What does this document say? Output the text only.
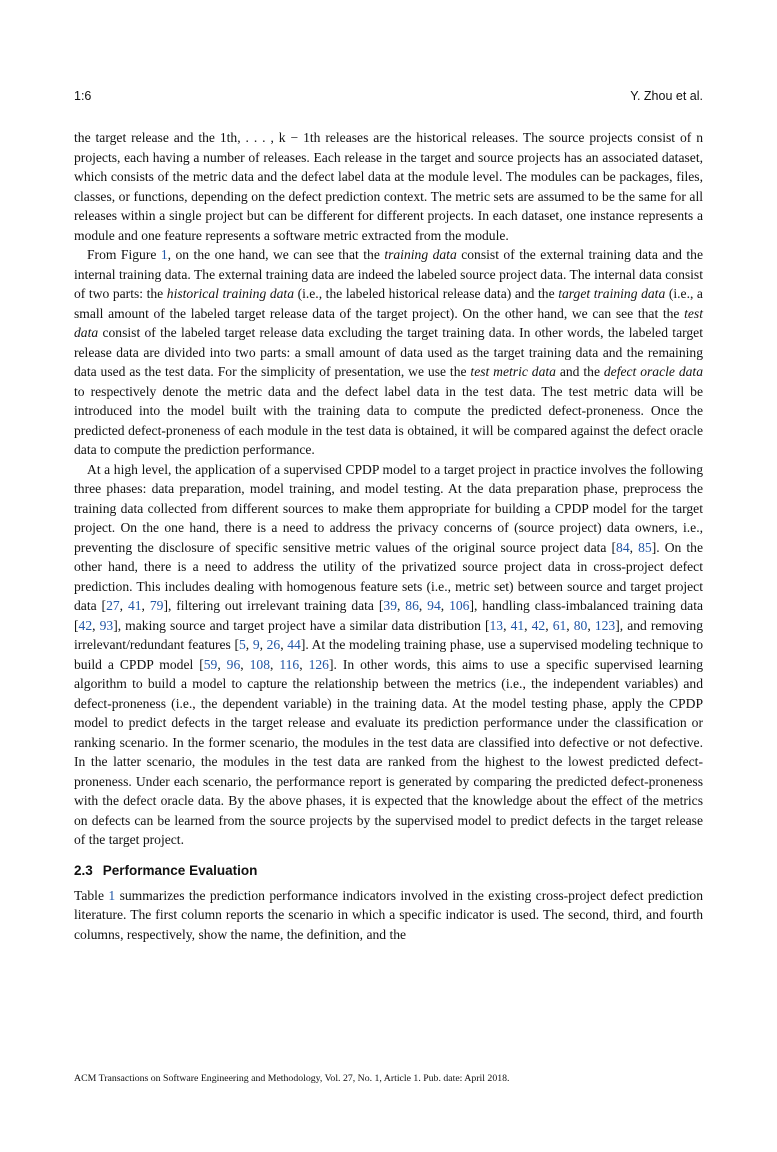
1:6	Y. Zhou et al.

the target release and the 1th, . . . , k − 1th releases are the historical releases. The source projects consist of n projects, each having a number of releases. Each release in the target and source projects has an associated dataset, which consists of the metric data and the defect label data at the module level. The modules can be packages, files, classes, or functions, depending on the defect prediction context. The metric sets are assumed to be the same for all releases within a single project but can be different for different projects. In each dataset, one instance represents a module and one feature represents a software metric extracted from the module.

From Figure 1, on the one hand, we can see that the training data consist of the external training data and the internal training data. The external training data are indeed the labeled source project data. The internal data consist of two parts: the historical training data (i.e., the labeled historical release data) and the target training data (i.e., a small amount of the labeled target release data of the target project). On the other hand, we can see that the test data consist of the labeled target release data excluding the target training data. In other words, the labeled target release data are divided into two parts: a small amount of data used as the target training data and the remaining data used as the test data. For the simplicity of presentation, we use the test metric data and the defect oracle data to respectively denote the metric data and the defect label data in the test data. The test metric data will be introduced into the model built with the training data to compute the predicted defect-proneness. Once the predicted defect-proneness of each module in the test data is obtained, it will be compared against the defect oracle data to compute the prediction performance.

At a high level, the application of a supervised CPDP model to a target project in practice involves the following three phases: data preparation, model training, and model testing. At the data preparation phase, preprocess the training data collected from different sources to make them appropriate for building a CPDP model for the target project. On the one hand, there is a need to address the privacy concerns of (source project) data owners, i.e., preventing the disclosure of specific sensitive metric values of the original source project data [84, 85]. On the other hand, there is a need to address the utility of the privatized source project data in cross-project defect prediction. This includes dealing with homogenous feature sets (i.e., metric set) between source and target project data [27, 41, 79], filtering out irrelevant training data [39, 86, 94, 106], handling class-imbalanced training data [42, 93], making source and target project have a similar data distribution [13, 41, 42, 61, 80, 123], and removing irrelevant/redundant features [5, 9, 26, 44]. At the modeling training phase, use a supervised modeling technique to build a CPDP model [59, 96, 108, 116, 126]. In other words, this aims to use a specific supervised learning algorithm to build a model to capture the relationship between the metrics (i.e., the independent variables) and defect-proneness (i.e., the dependent variable) in the training data. At the model testing phase, apply the CPDP model to predict defects in the target release and evaluate its prediction performance under the classification or ranking scenario. In the former scenario, the modules in the test data are classified into defective or not defective. In the latter scenario, the modules in the test data are ranked from the highest to the lowest predicted defect-proneness. Under each scenario, the performance report is generated by comparing the predicted defect-proneness with the defect oracle data. By the above phases, it is expected that the knowledge about the effect of the metrics on defects can be learned from the source projects by the supervised model to predict defects in the target release of the target project.

2.3 Performance Evaluation

Table 1 summarizes the prediction performance indicators involved in the existing cross-project defect prediction literature. The first column reports the scenario in which a specific indicator is used. The second, third, and fourth columns, respectively, show the name, the definition, and the

ACM Transactions on Software Engineering and Methodology, Vol. 27, No. 1, Article 1. Pub. date: April 2018.
